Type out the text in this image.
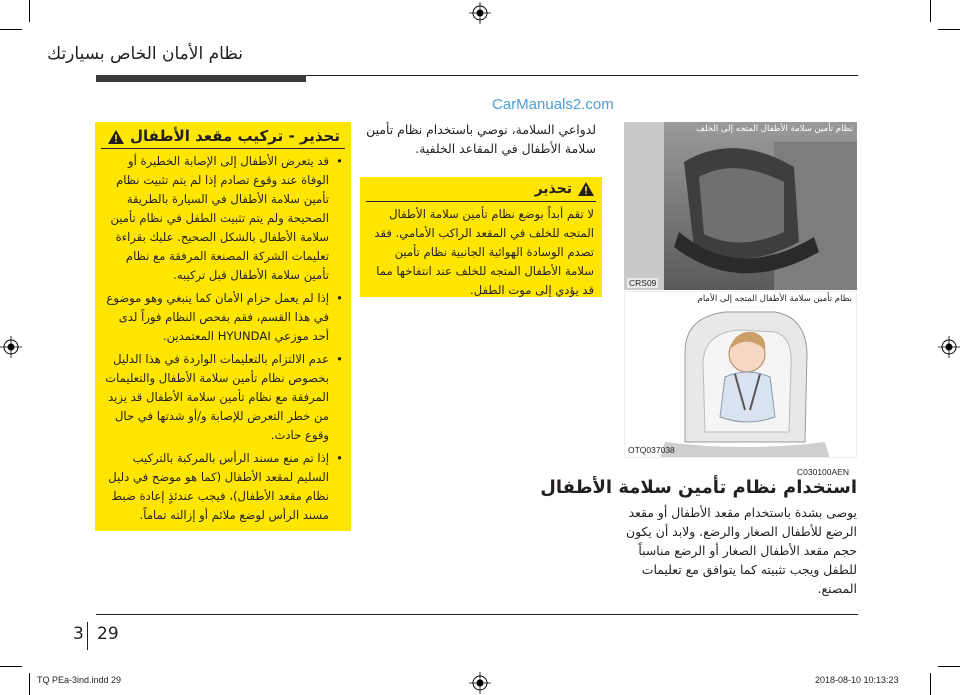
نظام الأمان الخاص بسيارتك
CarManuals2.com
نظام تأمين سلامة الأطفال المتجه إلى الخلف
CRS09
نظام تأمين سلامة الأطفال المتجه إلى الأمام
OTQ037038
C030100AEN
استخدام نظام تأمين سلامة الأطفال
يوصى بشدة باستخدام مقعد الأطفال أو مقعد الرضع للأطفال الصغار والرضع. ولابد أن يكون حجم مقعد الأطفال الصغار أو الرضع مناسباً للطفل ويجب تثبيته كما يتوافق مع تعليمات المصنع.
لدواعي السلامة، نوصي باستخدام نظام تأمين سلامة الأطفال في المقاعد الخلفية.
تحذير
لا تقم أبداً بوضع نظام تأمين سلامة الأطفال المتجه للخلف في المقعد الراكب الأمامي. فقد تصدم الوسادة الهوائية الجانبية نظام تأمين سلامة الأطفال المتجه للخلف عند انتفاخها مما قد يؤدي إلى موت الطفل.
تحذير - تركيب مقعد الأطفال
• قد يتعرض الأطفال إلى الإصابة الخطيرة أو الوفاة عند وقوع تصادم إذا لم يتم تثبيت نظام تأمين سلامة الأطفال في السيارة بالطريقة الصحيحة ولم يتم تثبيت الطفل في نظام تأمين سلامة الأطفال بالشكل الصحيح. عليك بقراءة تعليمات الشركة المصنعة المرفقة مع نظام تأمين سلامة الأطفال قبل تركيبه.
• إذا لم يعمل حزام الأمان كما ينبغي وهو موضوع في هذا القسم، فقم بفحص النظام فوراً لدى أحد موزعي HYUNDAI المعتمدين.
• عدم الالتزام بالتعليمات الواردة في هذا الدليل بخصوص نظام تأمين سلامة الأطفال والتعليمات المرفقة مع نظام تأمين سلامة الأطفال قد يزيد من خطر التعرض للإصابة و/أو شدتها في حال وقوع حادث.
• إذا تم منع مسند الرأس بالمركبة بالتركيب السليم لمقعد الأطفال (كما هو موضح في دليل نظام مقعد الأطفال)، فيجب عندئذٍ إعادة ضبط مسند الرأس لوضع ملائم أو إزالته تماماً.
3 29
TQ PEa-3ind.indd 29	2018-08-10 10:13:23
